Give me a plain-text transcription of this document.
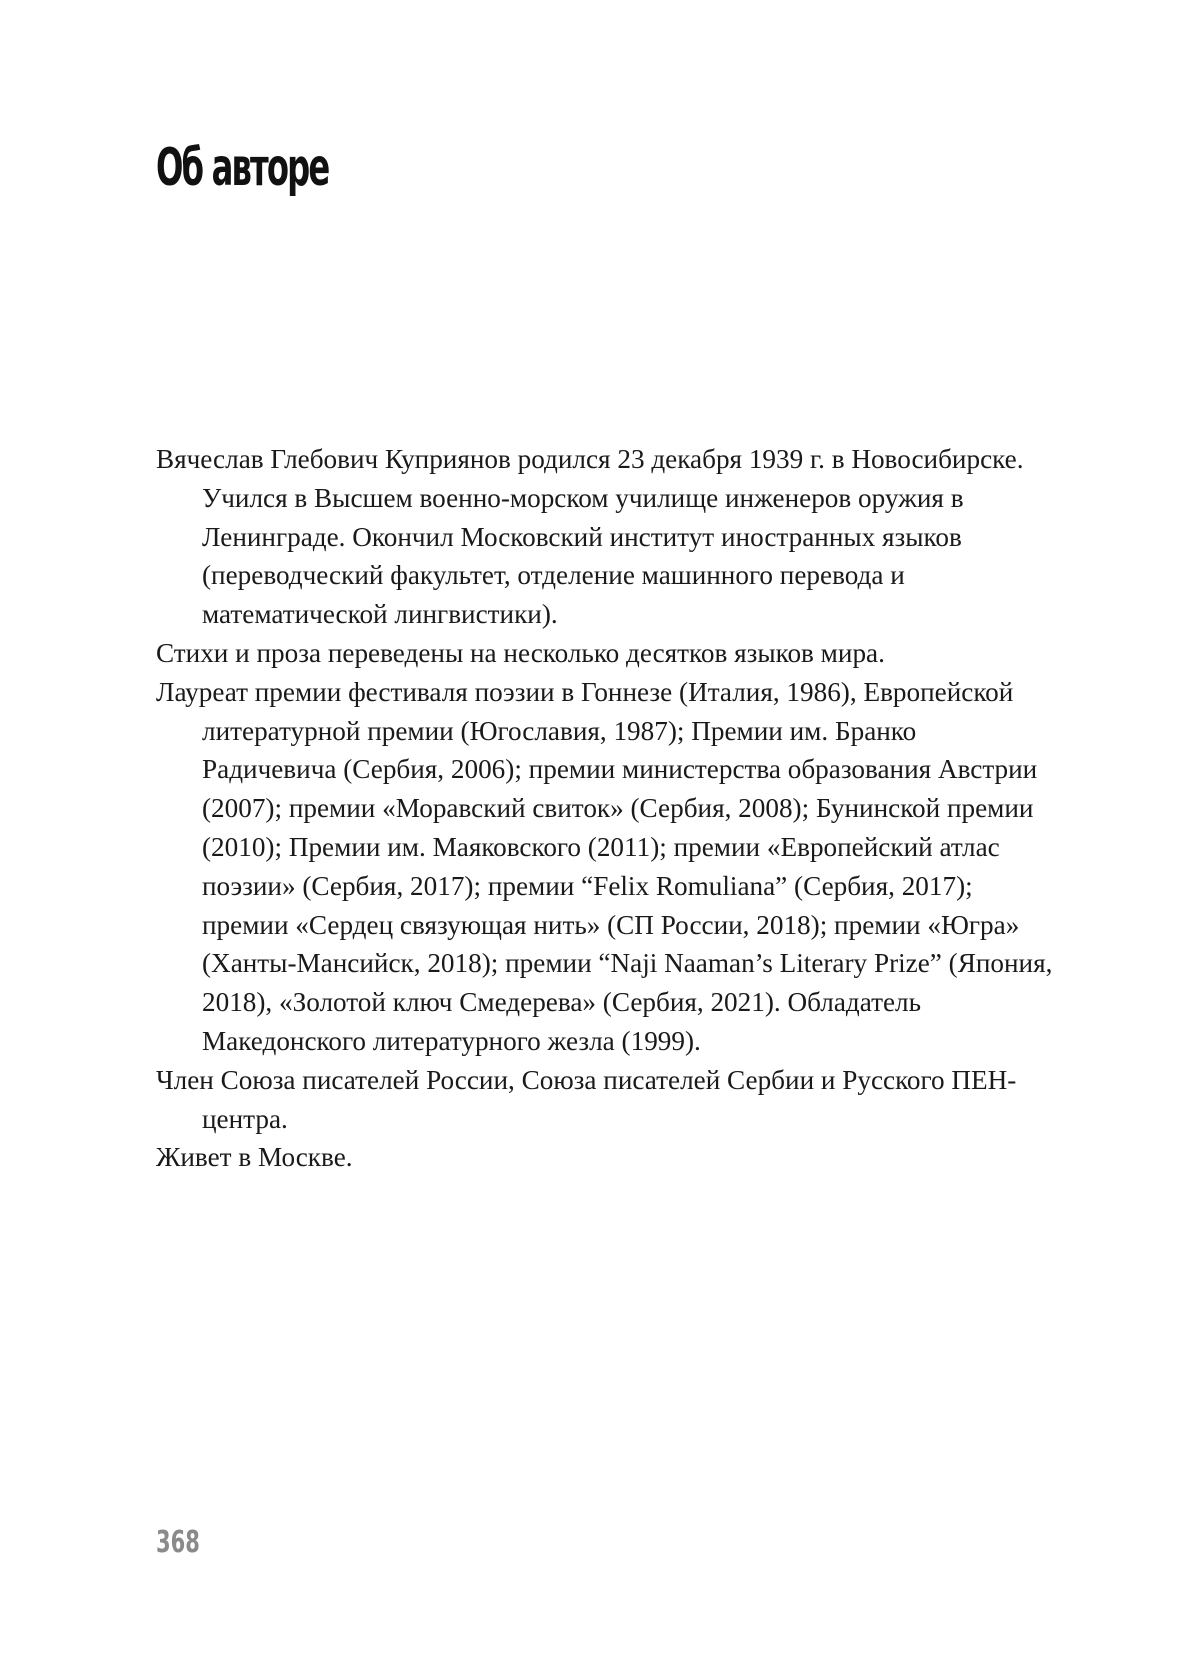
Об авторе

Вячеслав Глебович Куприянов родился 23 декабря 1939 г. в Новосибирске. Учился в Высшем военно-морском училище инженеров оружия в Ленинграде. Окончил Московский институт иностранных языков (переводческий факультет, отделение машинного перевода и математической лингвистики).

Стихи и проза переведены на несколько десятков языков мира.

Лауреат премии фестиваля поэзии в Гоннезе (Италия, 1986), Европейской литературной премии (Югославия, 1987); Премии им. Бранко Радичевича (Сербия, 2006); премии министерства образования Австрии (2007); премии «Моравский свиток» (Сербия, 2008); Бунинской премии (2010); Премии им. Маяковского (2011); премии «Европейский атлас поэзии» (Сербия, 2017); премии “Felix Romuliana” (Сербия, 2017); премии «Сердец связующая нить» (СП России, 2018); премии «Югра» (Ханты-Мансийск, 2018); премии “Naji Naaman’s Literary Prize” (Япония, 2018), «Золотой ключ Смедерева» (Сербия, 2021). Обладатель Македонского литературного жезла (1999).

Член Союза писателей России, Союза писателей Сербии и Русского ПЕН-центра.

Живет в Москве.

368
